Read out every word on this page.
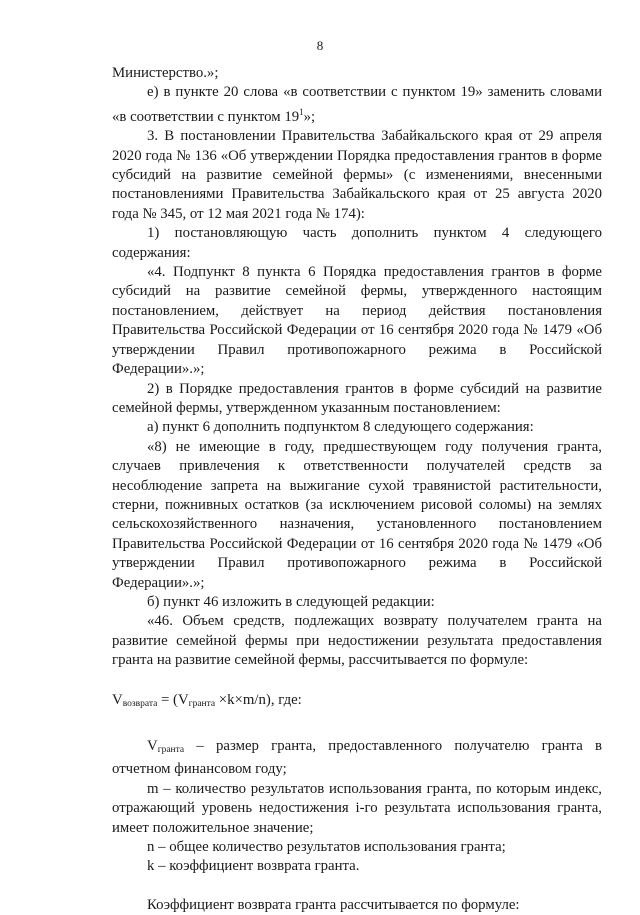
8

Министерство.»;

е) в пункте 20 слова «в соответствии с пунктом 19» заменить словами «в соответствии с пунктом $19^1$»;

3. В постановлении Правительства Забайкальского края от 29 апреля 2020 года № 136 «Об утверждении Порядка предоставления грантов в форме субсидий на развитие семейной фермы» (с изменениями, внесенными постановлениями Правительства Забайкальского края от 25 августа 2020 года № 345, от 12 мая 2021 года № 174):

1) постановляющую часть дополнить пунктом 4 следующего содержания:

«4. Подпункт 8 пункта 6 Порядка предоставления грантов в форме субсидий на развитие семейной фермы, утвержденного настоящим постановлением, действует на период действия постановления Правительства Российской Федерации от 16 сентября 2020 года № 1479 «Об утверждении Правил противопожарного режима в Российской Федерации».»;

2) в Порядке предоставления грантов в форме субсидий на развитие семейной фермы, утвержденном указанным постановлением:

а) пункт 6 дополнить подпунктом 8 следующего содержания:

«8) не имеющие в году, предшествующем году получения гранта, случаев привлечения к ответственности получателей средств за несоблюдение запрета на выжигание сухой травянистой растительности, стерни, пожнивных остатков (за исключением рисовой соломы) на землях сельскохозяйственного назначения, установленного постановлением Правительства Российской Федерации от 16 сентября 2020 года № 1479 «Об утверждении Правил противопожарного режима в Российской Федерации».»;

б) пункт 46 изложить в следующей редакции:

«46. Объем средств, подлежащих возврату получателем гранта на развитие семейной фермы при недостижении результата предоставления гранта на развитие семейной фермы, рассчитывается по формуле:

$V_{возврата} = (V_{гранта} \times k\times m/n)$, где:

$V_{гранта}$ – размер гранта, предоставленного получателю гранта в отчетном финансовом году;

m – количество результатов использования гранта, по которым индекс, отражающий уровень недостижения i-го результата использования гранта, имеет положительное значение;

n – общее количество результатов использования гранта;

k – коэффициент возврата гранта.

Коэффициент возврата гранта рассчитывается по формуле:
